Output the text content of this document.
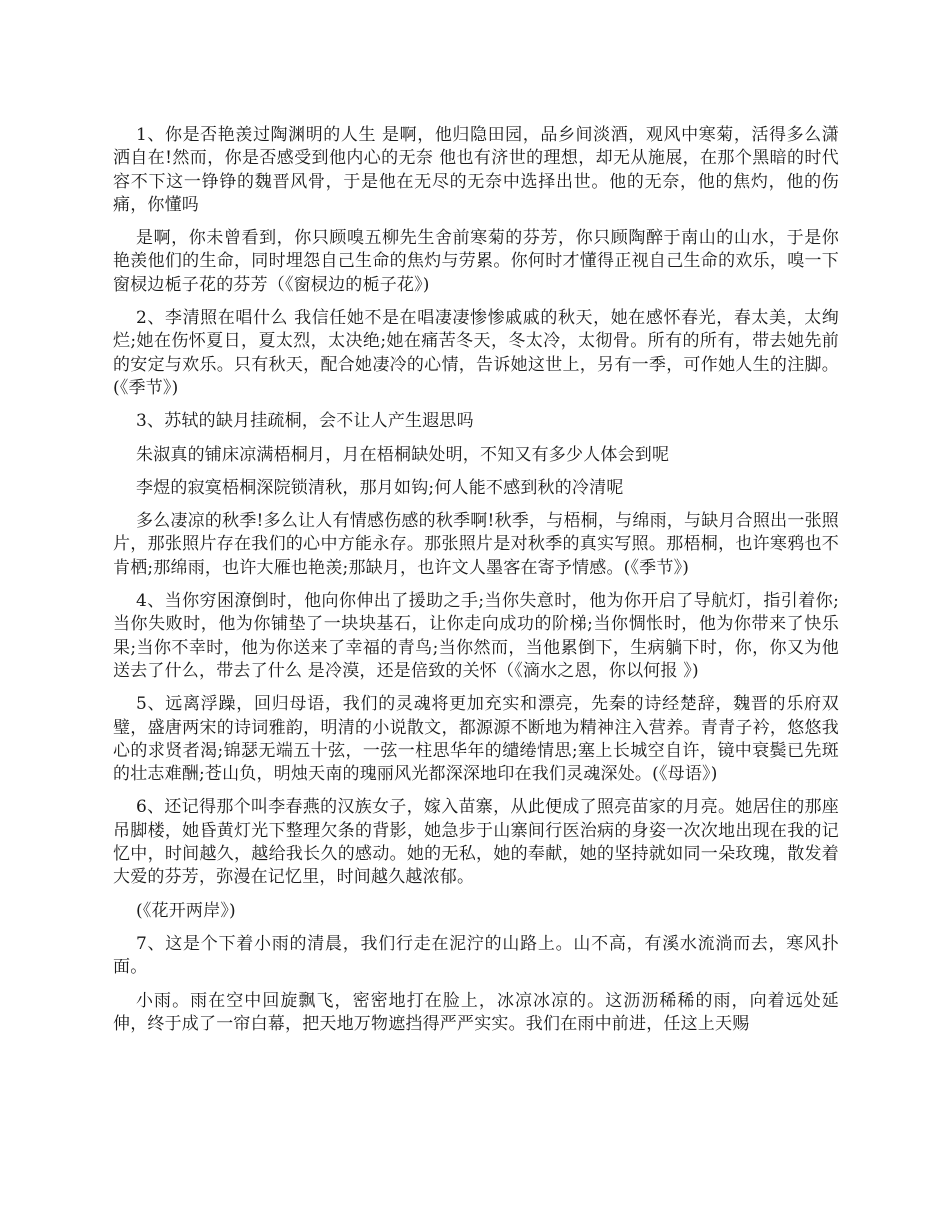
1、你是否艳羡过陶渊明的人生 是啊，他归隐田园，品乡间淡酒，观风中寒菊，活得多么潇洒自在!然而，你是否感受到他内心的无奈 他也有济世的理想，却无从施展，在那个黑暗的时代容不下这一铮铮的魏晋风骨，于是他在无尽的无奈中选择出世。他的无奈，他的焦灼，他的伤痛，你懂吗

是啊，你未曾看到，你只顾嗅五柳先生舍前寒菊的芬芳，你只顾陶醉于南山的山水，于是你艳羡他们的生命，同时埋怨自己生命的焦灼与劳累。你何时才懂得正视自己生命的欢乐，嗅一下窗棂边栀子花的芬芳（《窗棂边的栀子花》)

2、李清照在唱什么 我信任她不是在唱凄凄惨惨戚戚的秋天，她在感怀春光，春太美，太绚烂;她在伤怀夏日，夏太烈，太决绝;她在痛苦冬天，冬太冷，太彻骨。所有的所有，带去她先前的安定与欢乐。只有秋天，配合她凄冷的心情，告诉她这世上，另有一季，可作她人生的注脚。(《季节》)

3、苏轼的缺月挂疏桐，会不让人产生遐思吗

朱淑真的铺床凉满梧桐月，月在梧桐缺处明，不知又有多少人体会到呢

李煜的寂寞梧桐深院锁清秋，那月如钩;何人能不感到秋的冷清呢

多么凄凉的秋季!多么让人有情感伤感的秋季啊!秋季，与梧桐，与绵雨，与缺月合照出一张照片，那张照片存在我们的心中方能永存。那张照片是对秋季的真实写照。那梧桐，也许寒鸦也不肯栖;那绵雨，也许大雁也艳羡;那缺月，也许文人墨客在寄予情感。(《季节》)

4、当你穷困潦倒时，他向你伸出了援助之手;当你失意时，他为你开启了导航灯，指引着你;当你失败时，他为你铺垫了一块块基石，让你走向成功的阶梯;当你惆怅时，他为你带来了快乐果;当你不幸时，他为你送来了幸福的青鸟;当你然而，当他累倒下，生病躺下时，你，你又为他送去了什么，带去了什么 是冷漠，还是倍致的关怀（《滴水之恩，你以何报 》)

5、远离浮躁，回归母语，我们的灵魂将更加充实和漂亮，先秦的诗经楚辞，魏晋的乐府双璧，盛唐两宋的诗词雅韵，明清的小说散文，都源源不断地为精神注入营养。青青子衿，悠悠我心的求贤者渴;锦瑟无端五十弦，一弦一柱思华年的缱绻情思;塞上长城空自许，镜中衰鬓已先斑的壮志难酬;苍山负，明烛天南的瑰丽风光都深深地印在我们灵魂深处。(《母语》)

6、还记得那个叫李春燕的汉族女子，嫁入苗寨，从此便成了照亮苗家的月亮。她居住的那座吊脚楼，她昏黄灯光下整理欠条的背影，她急步于山寨间行医治病的身姿一次次地出现在我的记忆中，时间越久，越给我长久的感动。她的无私，她的奉献，她的坚持就如同一朵玫瑰，散发着大爱的芬芳，弥漫在记忆里，时间越久越浓郁。

(《花开两岸》)

7、这是个下着小雨的清晨，我们行走在泥泞的山路上。山不高，有溪水流淌而去，寒风扑面。

小雨。雨在空中回旋飘飞，密密地打在脸上，冰凉冰凉的。这沥沥稀稀的雨，向着远处延伸，终于成了一帘白幕，把天地万物遮挡得严严实实。我们在雨中前进，任这上天赐
